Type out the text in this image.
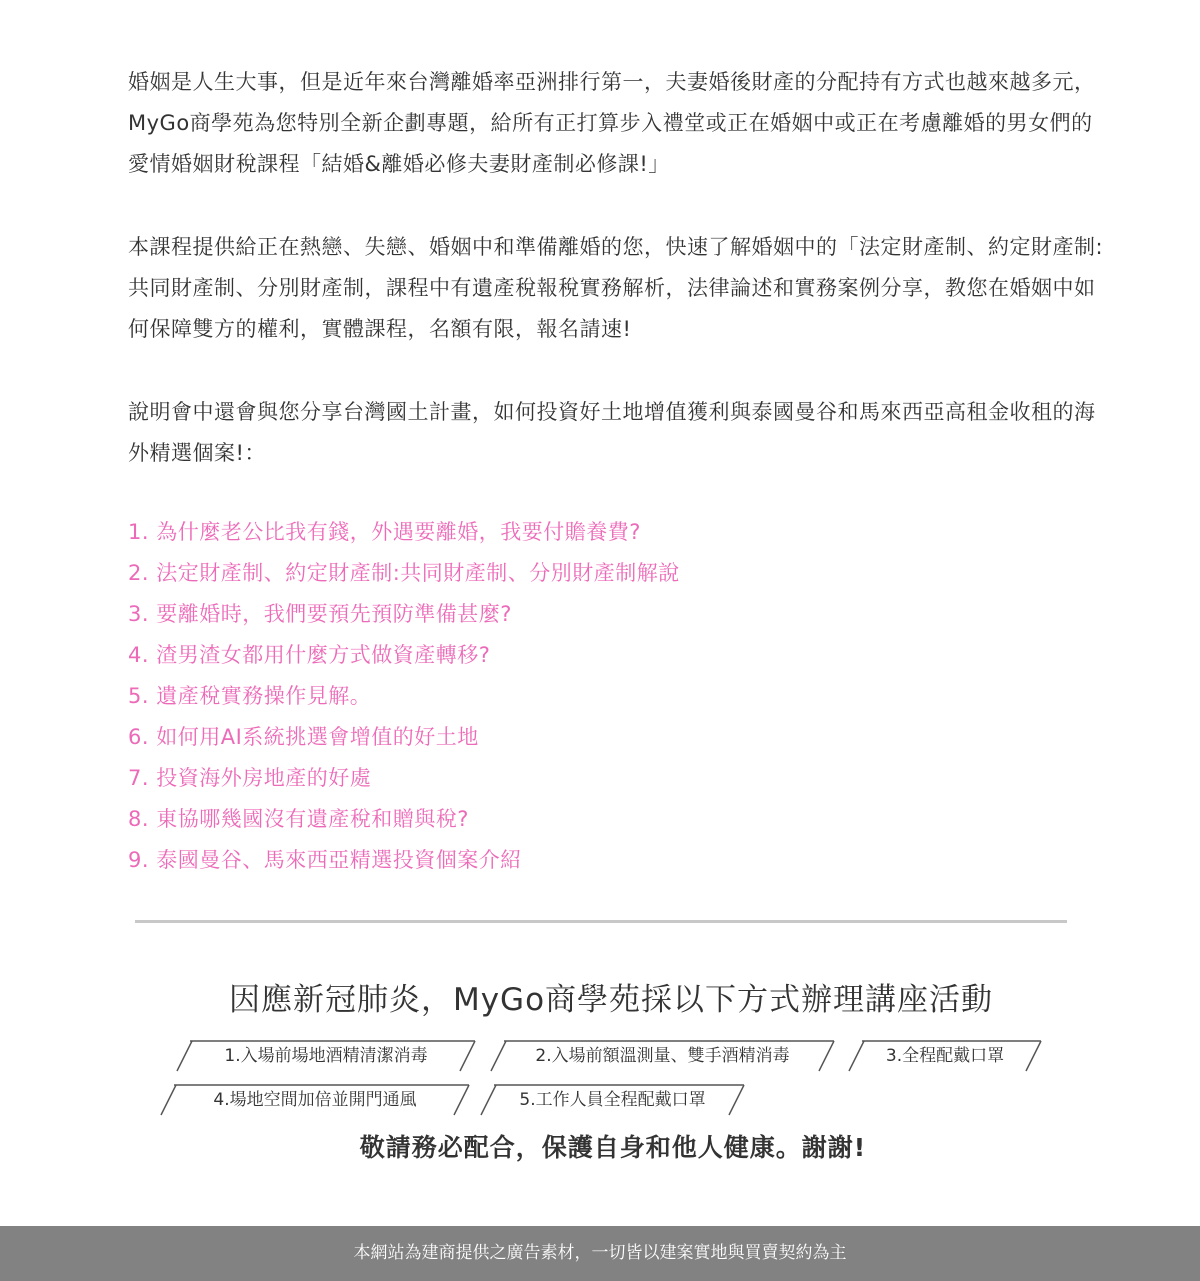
婚姻是人生大事，但是近年來台灣離婚率亞洲排行第一，夫妻婚後財產的分配持有方式也越來越多元，MyGo商學苑為您特別全新企劃專題，給所有正打算步入禮堂或正在婚姻中或正在考慮離婚的男女們的愛情婚姻財稅課程「結婚&離婚必修夫妻財產制必修課!」

本課程提供給正在熱戀、失戀、婚姻中和準備離婚的您，快速了解婚姻中的「法定財產制、約定財產制:共同財產制、分別財產制，課程中有遺產稅報稅實務解析，法律論述和實務案例分享，教您在婚姻中如何保障雙方的權利，實體課程，名額有限，報名請速!

說明會中還會與您分享台灣國土計畫，如何投資好土地增值獲利與泰國曼谷和馬來西亞高租金收租的海外精選個案!：

1. 為什麼老公比我有錢，外遇要離婚，我要付贍養費?
2. 法定財產制、約定財產制:共同財產制、分別財產制解說
3. 要離婚時，我們要預先預防準備甚麼?
4. 渣男渣女都用什麼方式做資產轉移?
5. 遺產稅實務操作見解。
6. 如何用AI系統挑選會增值的好土地
7. 投資海外房地產的好處
8. 東協哪幾國沒有遺產稅和贈與稅?
9. 泰國曼谷、馬來西亞精選投資個案介紹
因應新冠肺炎，MyGo商學苑採以下方式辦理講座活動
1.入場前場地酒精清潔消毒	2.入場前額溫測量、雙手酒精消毒	3.全程配戴口罩
4.場地空間加倍並開門通風	5.工作人員全程配戴口罩
敬請務必配合，保護自身和他人健康。謝謝!
本網站為建商提供之廣告素材，一切皆以建案實地與買賣契約為主
